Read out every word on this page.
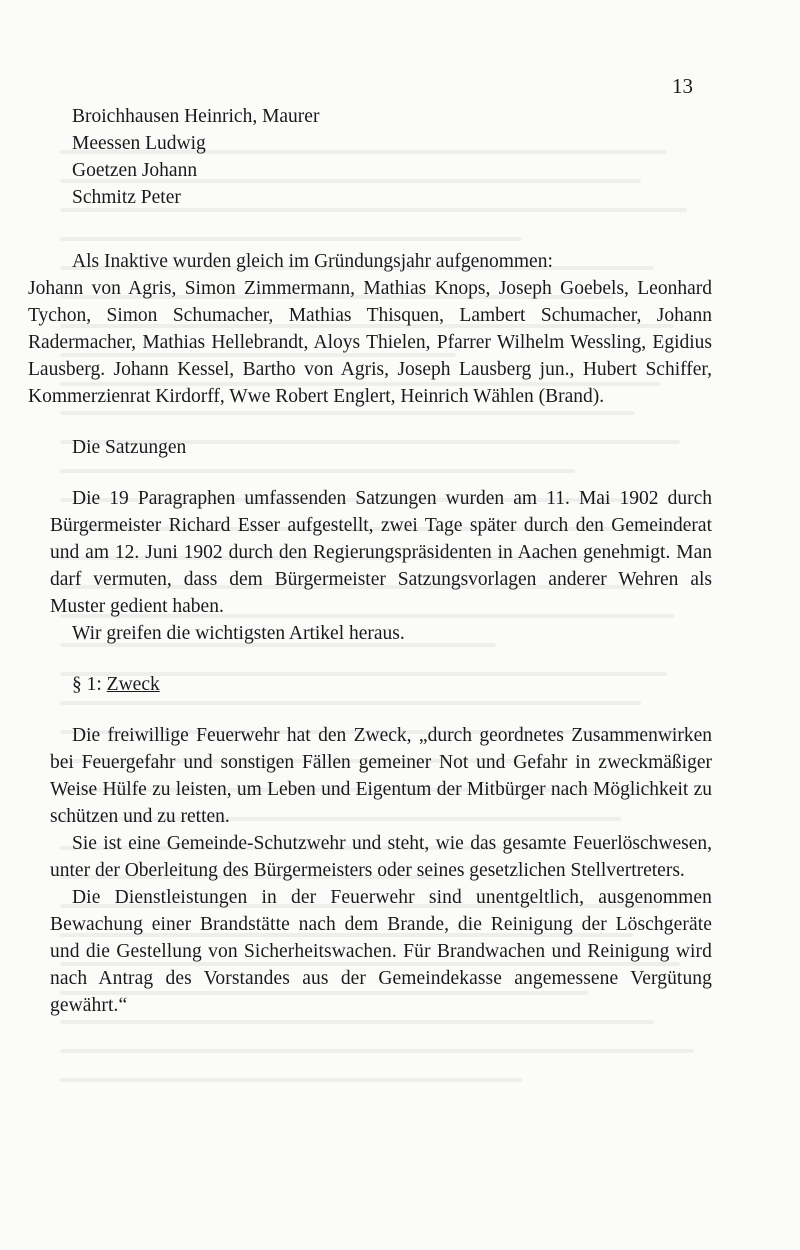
13
Broichhausen Heinrich, Maurer
Meessen Ludwig
Goetzen Johann
Schmitz Peter

Als Inaktive wurden gleich im Gründungsjahr aufgenommen:

Johann von Agris, Simon Zimmermann, Mathias Knops, Joseph Goebels, Leonhard Tychon, Simon Schumacher, Mathias Thisquen, Lambert Schumacher, Johann Radermacher, Mathias Hellebrandt, Aloys Thielen, Pfarrer Wilhelm Wessling, Egidius Lausberg. Johann Kessel, Bartho von Agris, Joseph Lausberg jun., Hubert Schiffer, Kommerzienrat Kirdorff, Wwe Robert Englert, Heinrich Wählen (Brand).

Die Satzungen

Die 19 Paragraphen umfassenden Satzungen wurden am 11. Mai 1902 durch Bürgermeister Richard Esser aufgestellt, zwei Tage später durch den Gemeinderat und am 12. Juni 1902 durch den Regierungspräsidenten in Aachen genehmigt. Man darf vermuten, dass dem Bürgermeister Satzungsvorlagen anderer Wehren als Muster gedient haben.

Wir greifen die wichtigsten Artikel heraus.

§ 1: Zweck

Die freiwillige Feuerwehr hat den Zweck, „durch geordnetes Zusammenwirken bei Feuergefahr und sonstigen Fällen gemeiner Not und Gefahr in zweckmäßiger Weise Hülfe zu leisten, um Leben und Eigentum der Mitbürger nach Möglichkeit zu schützen und zu retten.

Sie ist eine Gemeinde-Schutzwehr und steht, wie das gesamte Feuerlöschwesen, unter der Oberleitung des Bürgermeisters oder seines gesetzlichen Stellvertreters.

Die Dienstleistungen in der Feuerwehr sind unentgeltlich, ausgenommen Bewachung einer Brandstätte nach dem Brande, die Reinigung der Löschgeräte und die Gestellung von Sicherheitswachen. Für Brandwachen und Reinigung wird nach Antrag des Vorstandes aus der Gemeindekasse angemessene Vergütung gewährt.“
